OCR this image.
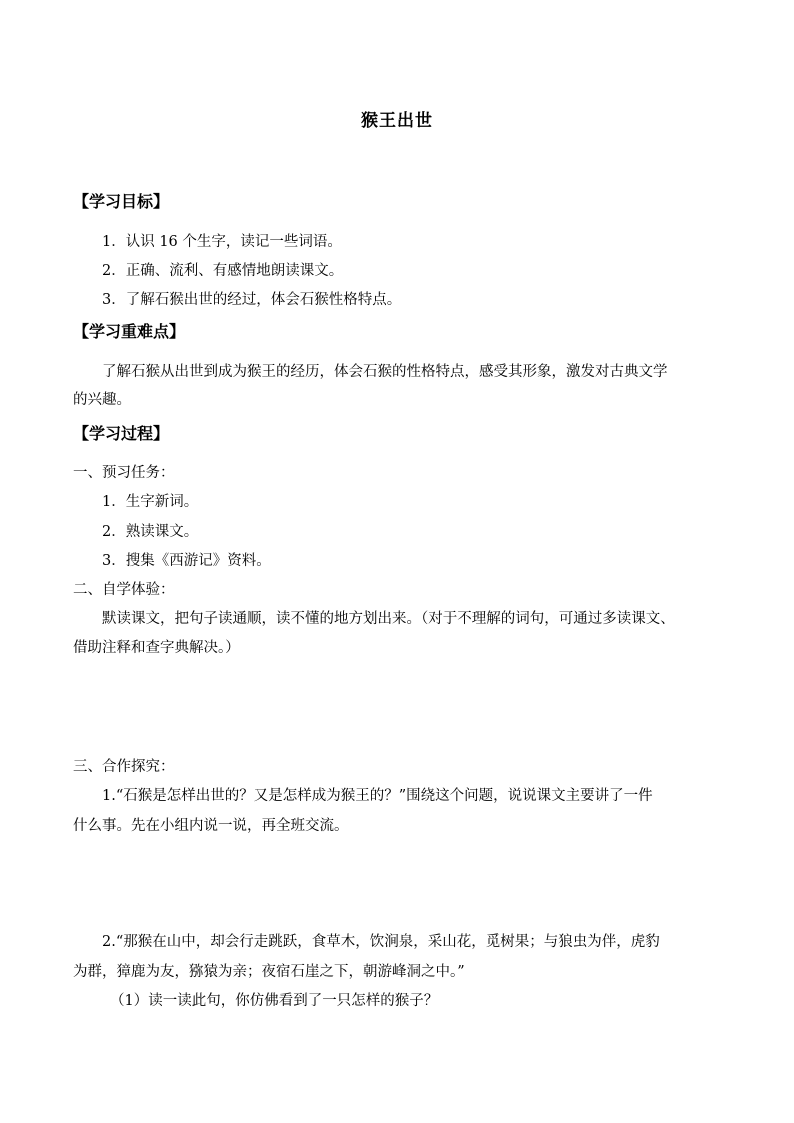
猴王出世
【学习目标】
1．认识 16 个生字，读记一些词语。
2．正确、流利、有感情地朗读课文。
3．了解石猴出世的经过，体会石猴性格特点。
【学习重难点】
了解石猴从出世到成为猴王的经历，体会石猴的性格特点，感受其形象，激发对古典文学
的兴趣。
【学习过程】
一、预习任务：
1．生字新词。
2．熟读课文。
3．搜集《西游记》资料。
二、自学体验：
默读课文，把句子读通顺，读不懂的地方划出来。（对于不理解的词句，可通过多读课文、
借助注释和查字典解决。）
三、合作探究：
1.“石猴是怎样出世的？又是怎样成为猴王的？”围绕这个问题，说说课文主要讲了一件
什么事。先在小组内说一说，再全班交流。
2.“那猴在山中，却会行走跳跃，食草木，饮涧泉，采山花，觅树果；与狼虫为伴，虎豹
为群，獐鹿为友，猕猿为亲；夜宿石崖之下，朝游峰洞之中。”
（1）读一读此句，你仿佛看到了一只怎样的猴子？
